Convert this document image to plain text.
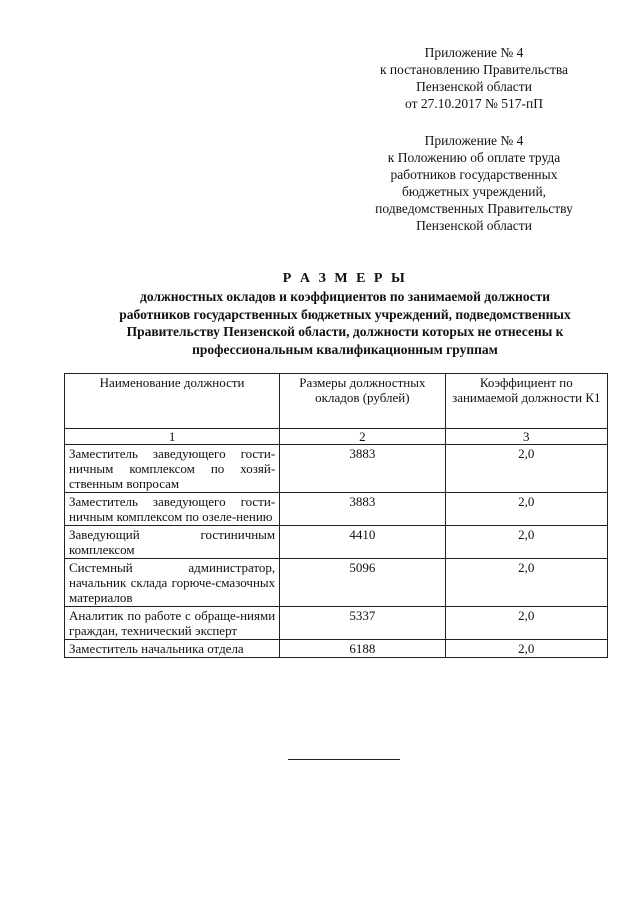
Приложение № 4
к постановлению Правительства
Пензенской области
от 27.10.2017 № 517-пП
Приложение № 4
к Положению об оплате труда
работников государственных
бюджетных учреждений,
подведомственных Правительству
Пензенской области
Р А З М Е Р Ы
должностных окладов и коэффициентов по занимаемой должности
работников государственных бюджетных учреждений, подведомственных
Правительству Пензенской области, должности которых не отнесены к
профессиональным квалификационным группам
Наименование должности	Размеры должностных окладов (рублей)	Коэффициент по занимаемой должности К1
1	2	3
Заместитель заведующего гости-ничным комплексом по хозяй-ственным вопросам	3883	2,0
Заместитель заведующего гости-ничным комплексом по озеле-нению	3883	2,0
Заведующий гостиничным комплексом	4410	2,0
Системный администратор, начальник склада горюче-смазочных материалов	5096	2,0
Аналитик по работе с обраще-ниями граждан, технический эксперт	5337	2,0
Заместитель начальника отдела	6188	2,0
